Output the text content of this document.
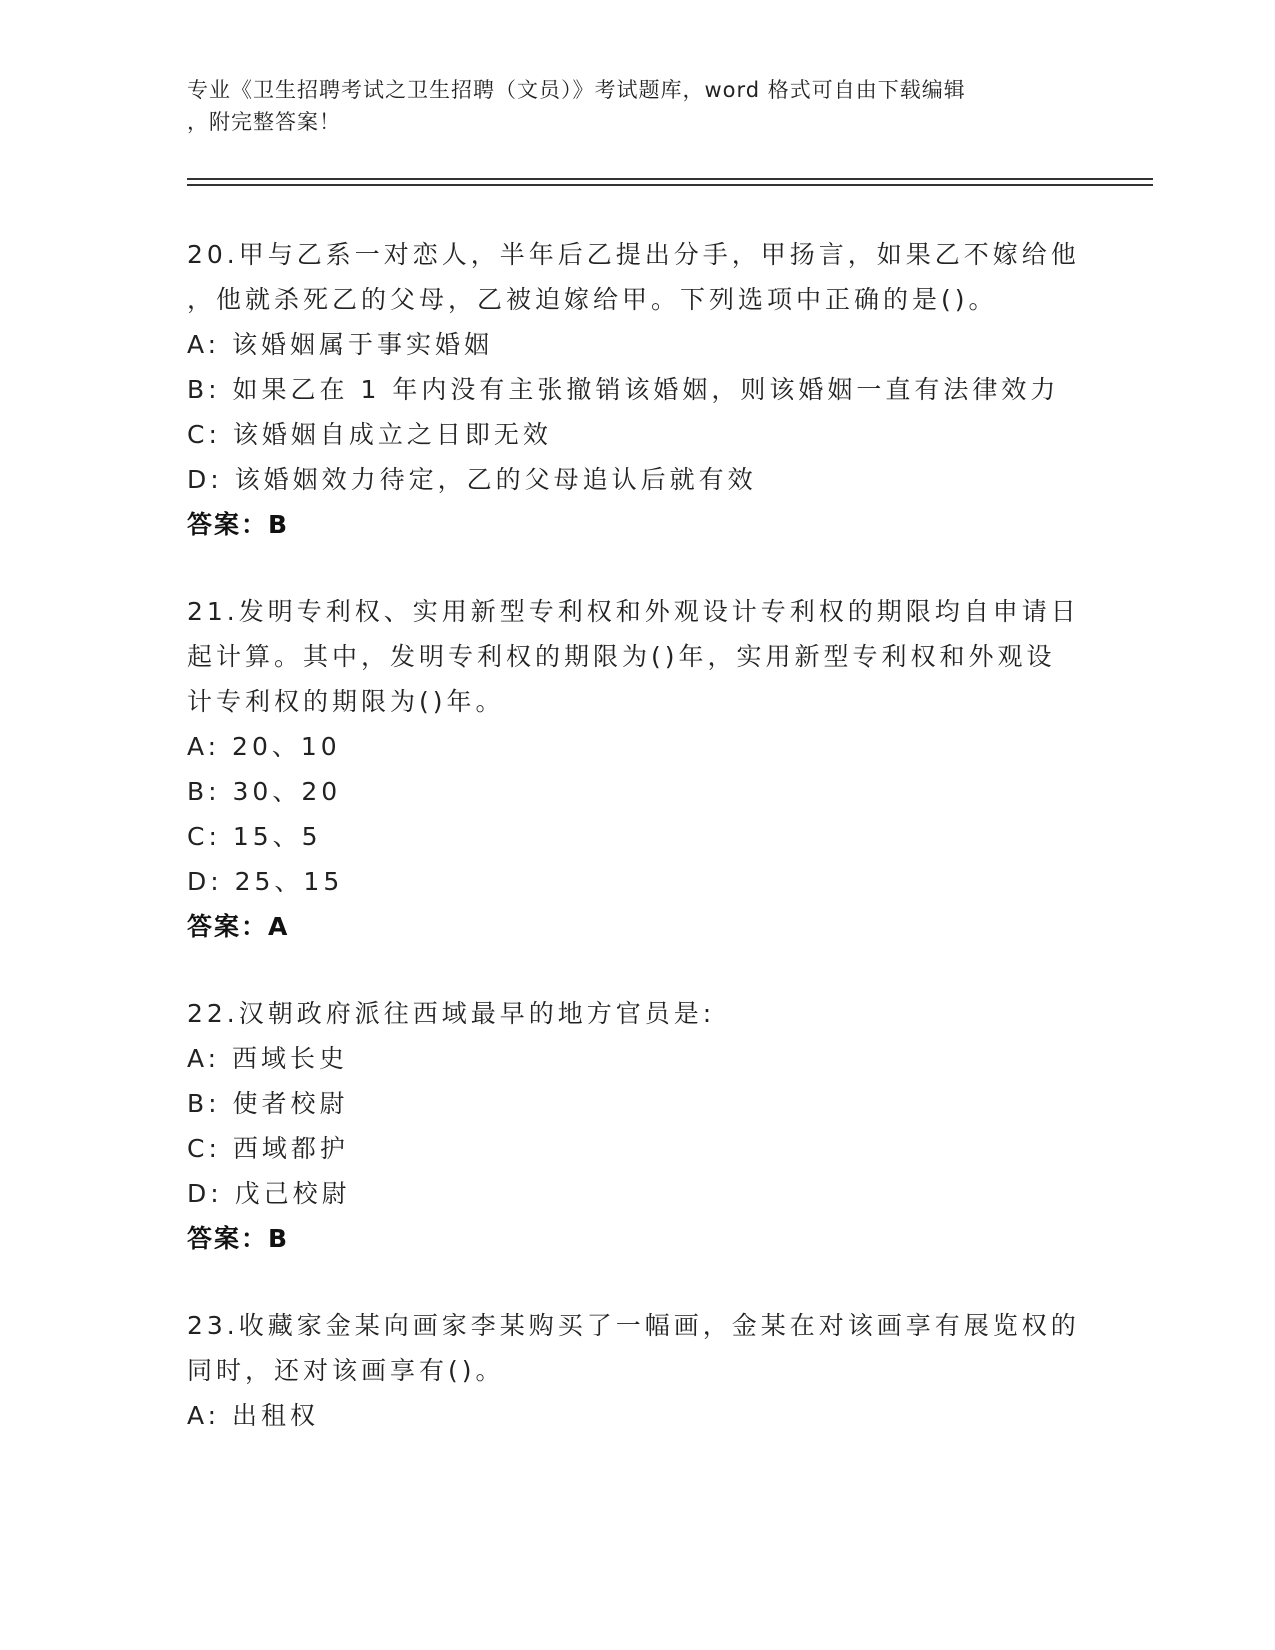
专业《卫生招聘考试之卫生招聘（文员）》考试题库，word 格式可自由下载编辑
，附完整答案！
20.甲与乙系一对恋人，半年后乙提出分手，甲扬言，如果乙不嫁给他
，他就杀死乙的父母，乙被迫嫁给甲。下列选项中正确的是()。
A: 该婚姻属于事实婚姻
B: 如果乙在 1 年内没有主张撤销该婚姻，则该婚姻一直有法律效力
C: 该婚姻自成立之日即无效
D: 该婚姻效力待定，乙的父母追认后就有效
答案：B
21.发明专利权、实用新型专利权和外观设计专利权的期限均自申请日
起计算。其中，发明专利权的期限为()年，实用新型专利权和外观设
计专利权的期限为()年。
A: 20、10
B: 30、20
C: 15、5
D: 25、15
答案：A
22.汉朝政府派往西域最早的地方官员是:
A: 西域长史
B: 使者校尉
C: 西域都护
D: 戊己校尉
答案：B
23.收藏家金某向画家李某购买了一幅画，金某在对该画享有展览权的
同时，还对该画享有()。
A: 出租权
